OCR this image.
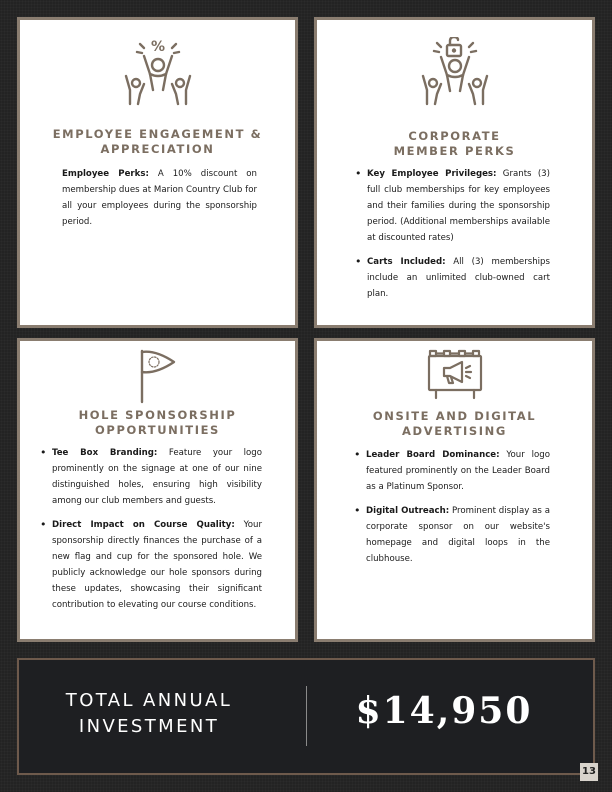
%
EMPLOYEE ENGAGEMENT &
APPRECIATION
Employee Perks: A 10% discount on membership dues at Marion Country Club for all your employees during the sponsorship period.
CORPORATE
MEMBER PERKS
• Key Employee Privileges: Grants (3) full club memberships for key employees and their families during the sponsorship period. (Additional memberships available at discounted rates)
• Carts Included: All (3) memberships include an unlimited club-owned cart plan.
HOLE SPONSORSHIP
OPPORTUNITIES
• Tee Box Branding: Feature your logo prominently on the signage at one of our nine distinguished holes, ensuring high visibility among our club members and guests.
• Direct Impact on Course Quality: Your sponsorship directly finances the purchase of a new flag and cup for the sponsored hole. We publicly acknowledge our hole sponsors during these updates, showcasing their significant contribution to elevating our course conditions.
ONSITE AND DIGITAL
ADVERTISING
• Leader Board Dominance: Your logo featured prominently on the Leader Board as a Platinum Sponsor.
• Digital Outreach: Prominent display as a corporate sponsor on our website's homepage and digital loops in the clubhouse.
TOTAL ANNUAL
INVESTMENT	$14,950
13
